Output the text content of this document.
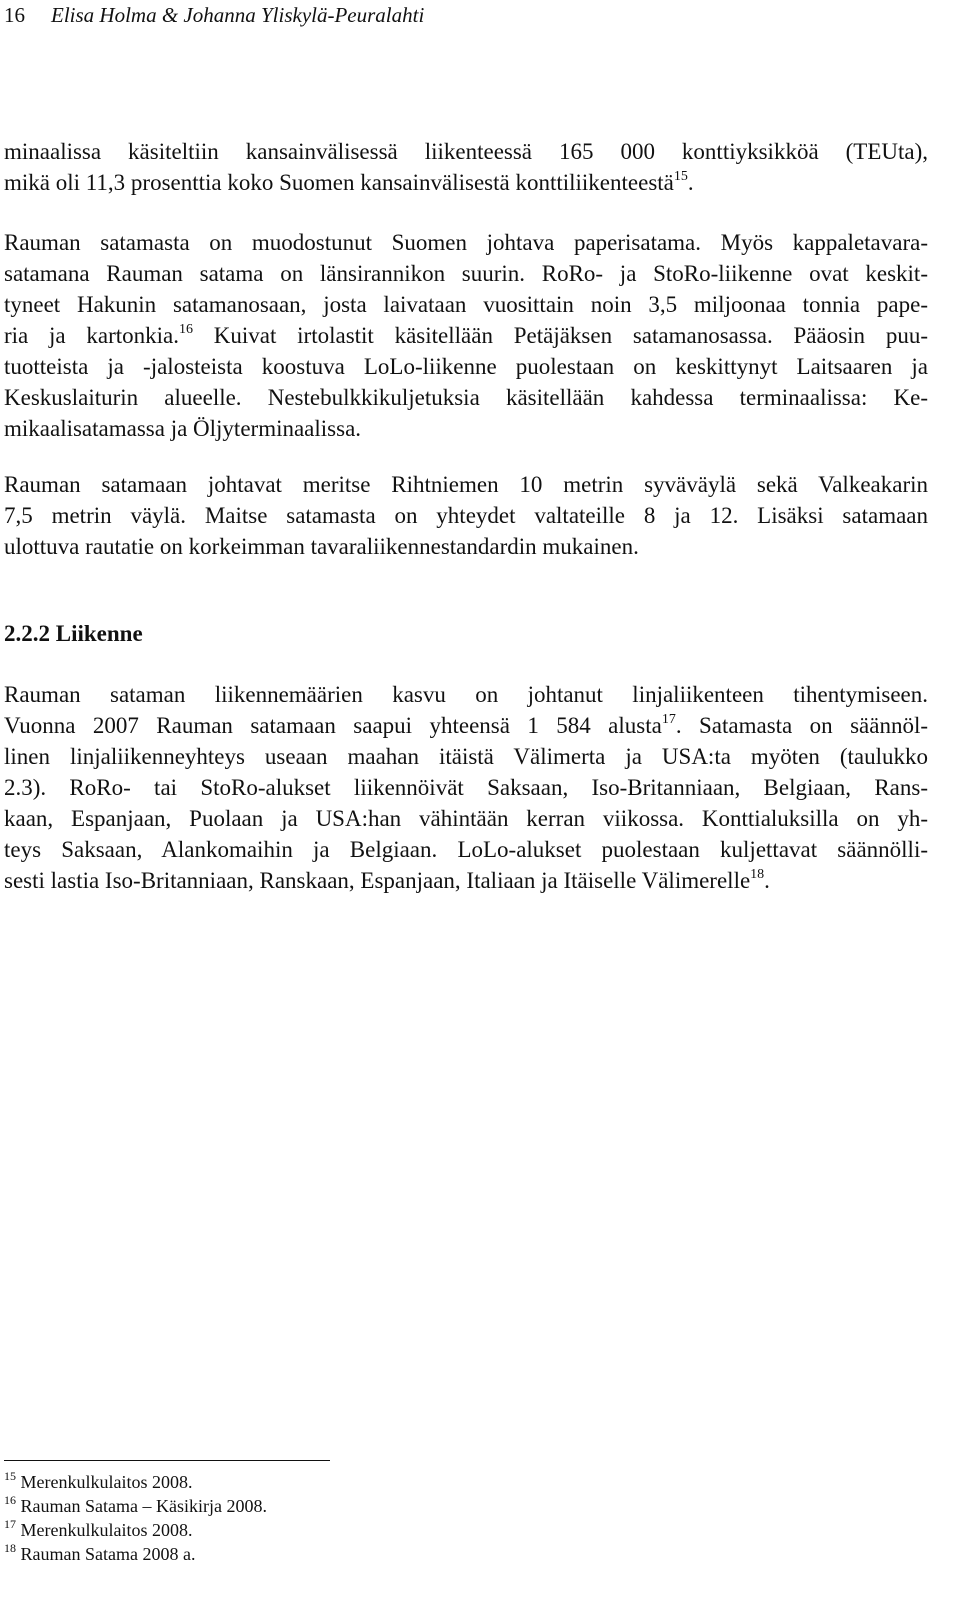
16 Elisa Holma & Johanna Yliskylä-Peuralahti
minaalissa käsiteltiin kansainvälisessä liikenteessä 165 000 konttiyksikköä (TEUta),
mikä oli 11,3 prosenttia koko Suomen kansainvälisestä konttiliikenteestä$^{15}$.
Rauman satamasta on muodostunut Suomen johtava paperisatama. Myös kappaletavara-
satamana Rauman satama on länsirannikon suurin. RoRo- ja StoRo-liikenne ovat keskit-
tyneet Hakunin satamanosaan, josta laivataan vuosittain noin 3,5 miljoonaa tonnia pape-
ria ja kartonkia.$^{16}$ Kuivat irtolastit käsitellään Petäjäksen satamanosassa. Pääosin puu-
tuotteista ja -jalosteista koostuva LoLo-liikenne puolestaan on keskittynyt Laitsaaren ja
Keskuslaiturin alueelle. Nestebulkkikuljetuksia käsitellään kahdessa terminaalissa: Ke-
mikaalisatamassa ja Öljyterminaalissa.
Rauman satamaan johtavat meritse Rihtniemen 10 metrin syväväylä sekä Valkeakarin
7,5 metrin väylä. Maitse satamasta on yhteydet valtateille 8 ja 12. Lisäksi satamaan
ulottuva rautatie on korkeimman tavaraliikennestandardin mukainen.
2.2.2 Liikenne
Rauman sataman liikennemäärien kasvu on johtanut linjaliikenteen tihentymiseen.
Vuonna 2007 Rauman satamaan saapui yhteensä 1 584 alusta$^{17}$. Satamasta on säännöl-
linen linjaliikenneyhteys useaan maahan itäistä Välimerta ja USA:ta myöten (taulukko
2.3). RoRo- tai StoRo-alukset liikennöivät Saksaan, Iso-Britanniaan, Belgiaan, Rans-
kaan, Espanjaan, Puolaan ja USA:han vähintään kerran viikossa. Konttialuksilla on yh-
teys Saksaan, Alankomaihin ja Belgiaan. LoLo-alukset puolestaan kuljettavat säännölli-
sesti lastia Iso-Britanniaan, Ranskaan, Espanjaan, Italiaan ja Itäiselle Välimerelle$^{18}$.
$^{15}$ Merenkulkulaitos 2008.
$^{16}$ Rauman Satama – Käsikirja 2008.
$^{17}$ Merenkulkulaitos 2008.
$^{18}$ Rauman Satama 2008 a.
